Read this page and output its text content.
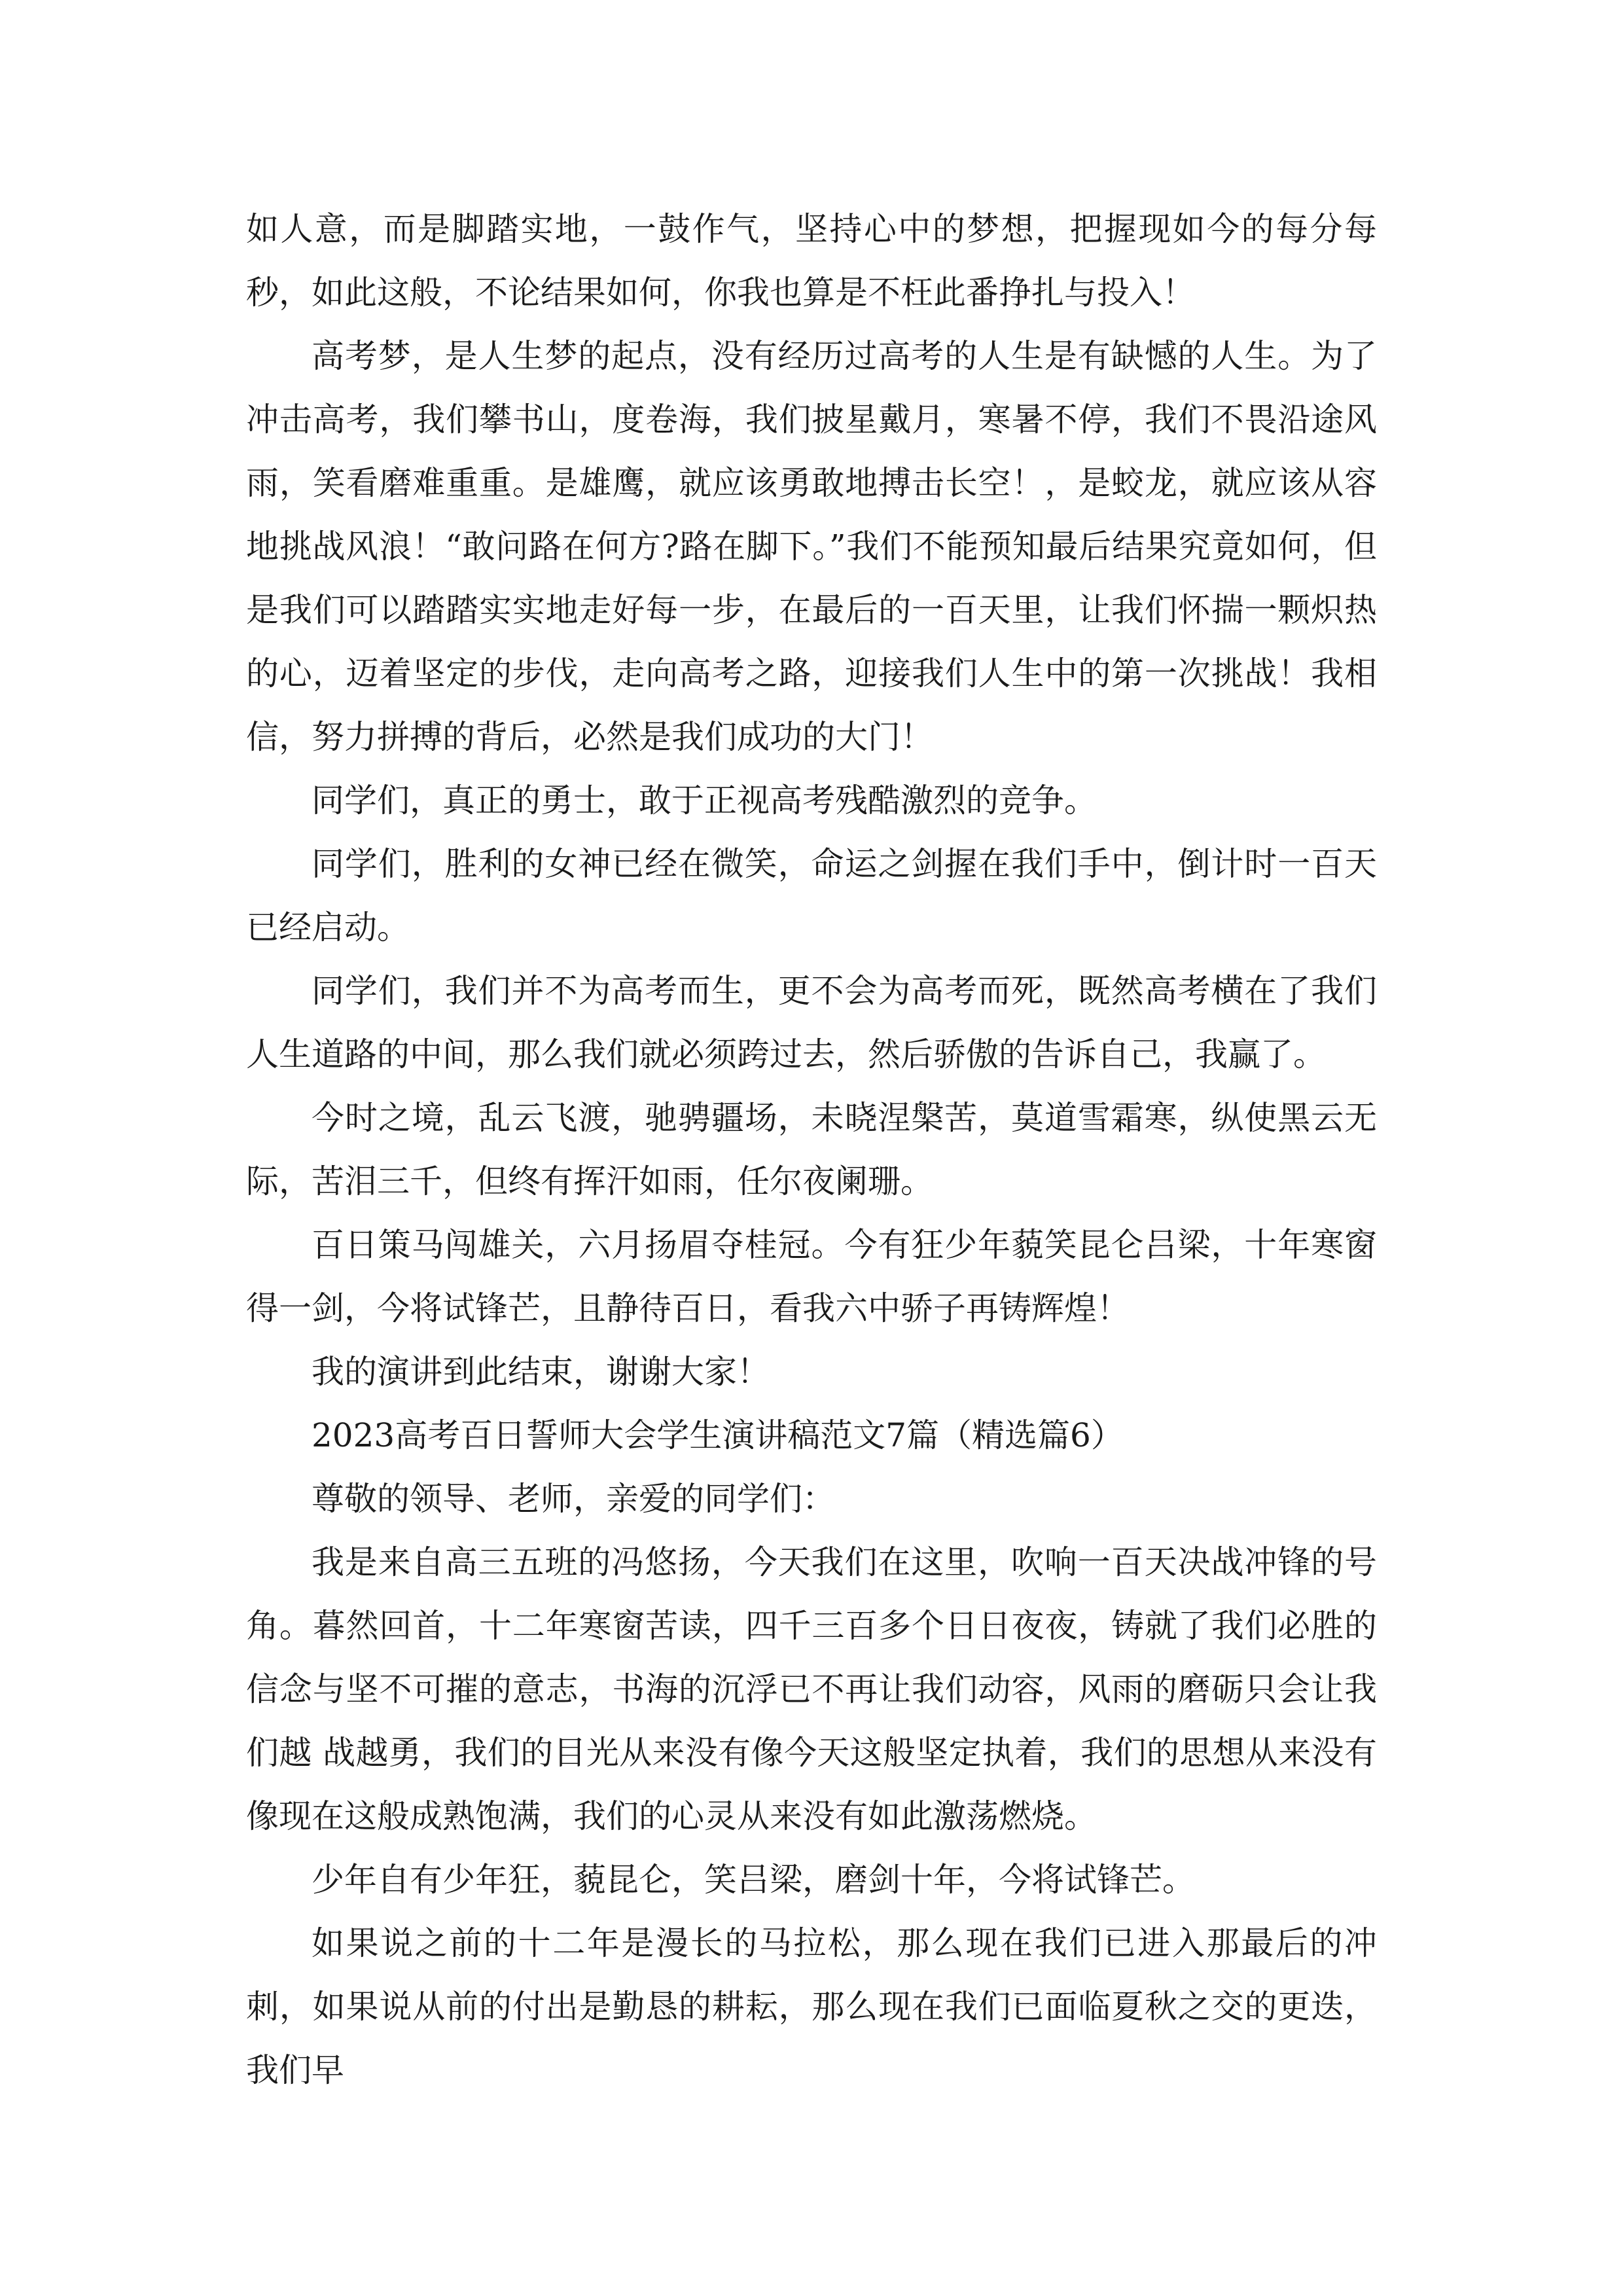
如人意，而是脚踏实地，一鼓作气，坚持心中的梦想，把握现如今的每分每秒，如此这般，不论结果如何，你我也算是不枉此番挣扎与投入！

高考梦，是人生梦的起点，没有经历过高考的人生是有缺憾的人生。为了冲击高考，我们攀书山，度卷海，我们披星戴月，寒暑不停，我们不畏沿途风雨，笑看磨难重重。是雄鹰，就应该勇敢地搏击长空！，是蛟龙，就应该从容地挑战风浪！“敢问路在何方?路在脚下。”我们不能预知最后结果究竟如何，但是我们可以踏踏实实地走好每一步，在最后的一百天里，让我们怀揣一颗炽热的心，迈着坚定的步伐，走向高考之路，迎接我们人生中的第一次挑战！我相信，努力拼搏的背后，必然是我们成功的大门！

同学们，真正的勇士，敢于正视高考残酷激烈的竞争。

同学们，胜利的女神已经在微笑，命运之剑握在我们手中，倒计时一百天已经启动。

同学们，我们并不为高考而生，更不会为高考而死，既然高考横在了我们人生道路的中间，那么我们就必须跨过去，然后骄傲的告诉自己，我赢了。

今时之境，乱云飞渡，驰骋疆场，未晓涅槃苦，莫道雪霜寒，纵使黑云无际，苦泪三千，但终有挥汗如雨，任尔夜阑珊。

百日策马闯雄关，六月扬眉夺桂冠。今有狂少年藐笑昆仑吕梁，十年寒窗得一剑，今将试锋芒，且静待百日，看我六中骄子再铸辉煌！

我的演讲到此结束，谢谢大家！

2023高考百日誓师大会学生演讲稿范文7篇（精选篇6）

尊敬的领导、老师，亲爱的同学们：

我是来自高三五班的冯悠扬，今天我们在这里，吹响一百天决战冲锋的号角。暮然回首，十二年寒窗苦读，四千三百多个日日夜夜，铸就了我们必胜的信念与坚不可摧的意志，书海的沉浮已不再让我们动容，风雨的磨砺只会让我们越 战越勇，我们的目光从来没有像今天这般坚定执着，我们的思想从来没有像现在这般成熟饱满，我们的心灵从来没有如此激荡燃烧。

少年自有少年狂，藐昆仑，笑吕梁，磨剑十年，今将试锋芒。

如果说之前的十二年是漫长的马拉松，那么现在我们已进入那最后的冲刺，如果说从前的付出是勤恳的耕耘，那么现在我们已面临夏秋之交的更迭，我们早
